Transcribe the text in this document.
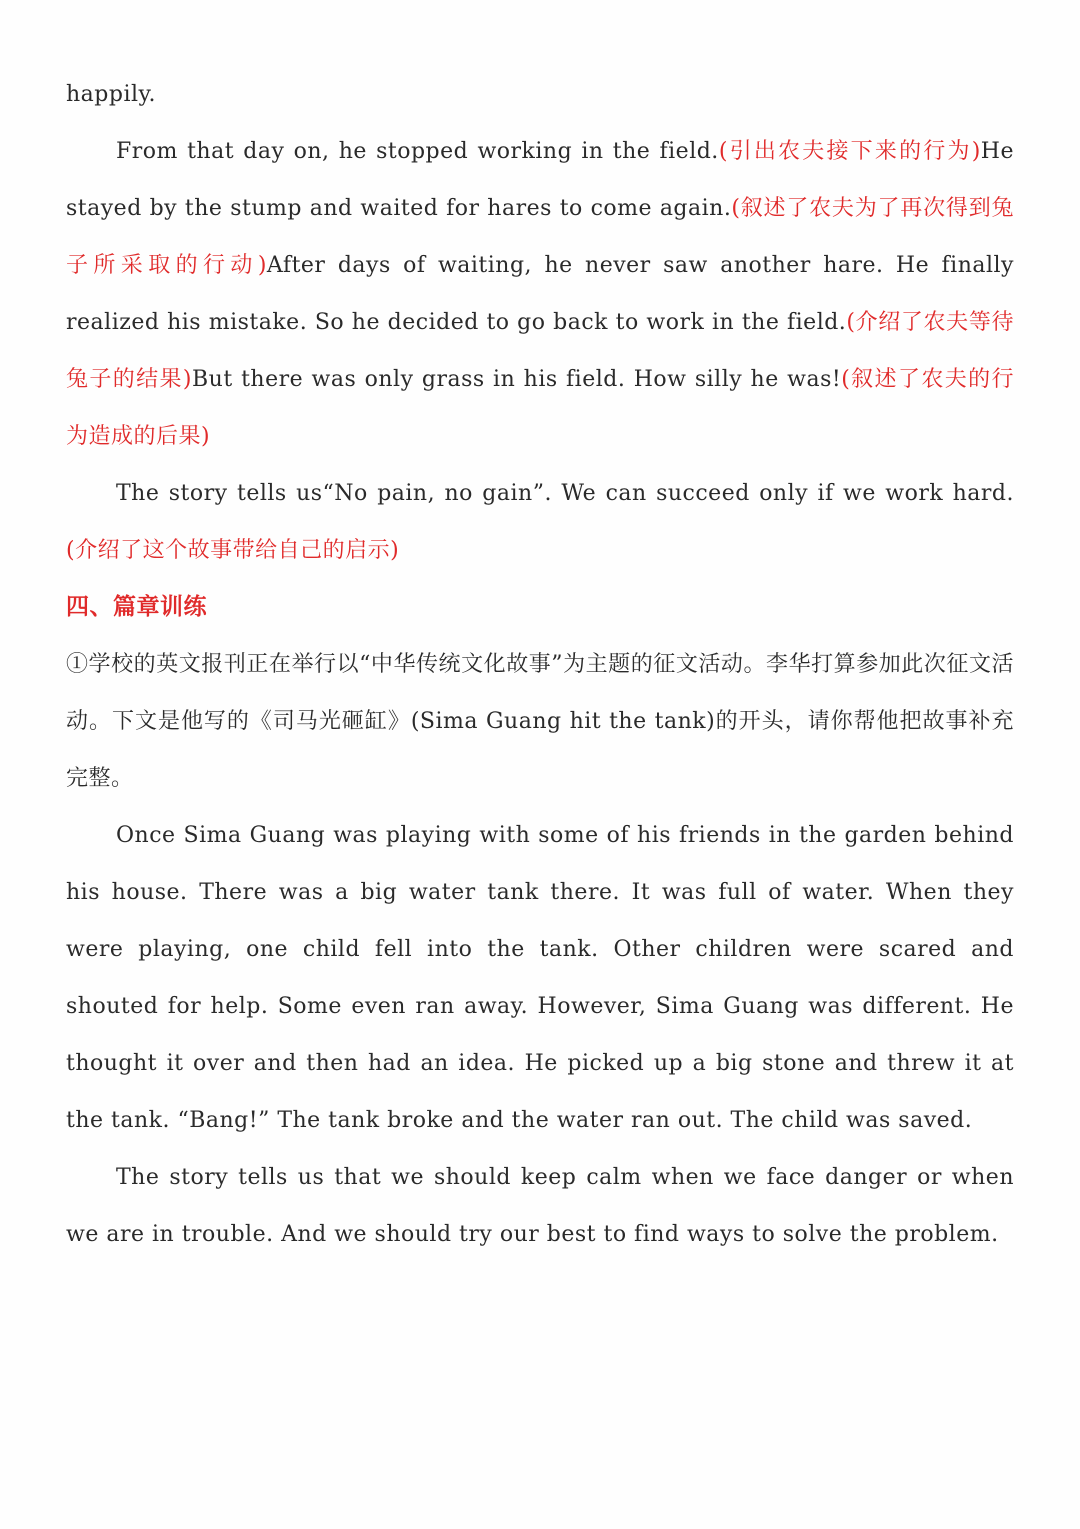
happily.

From that day on, he stopped working in the field.(引出农夫接下来的行为)He stayed by the stump and waited for hares to come again.(叙述了农夫为了再次得到兔子所采取的行动)After days of waiting, he never saw another hare. He finally realized his mistake. So he decided to go back to work in the field.(介绍了农夫等待兔子的结果)But there was only grass in his field. How silly he was!(叙述了农夫的行为造成的后果)

The story tells us“No pain, no gain”. We can succeed only if we work hard.(介绍了这个故事带给自己的启示)

四、篇章训练

①学校的英文报刊正在举行以“中华传统文化故事”为主题的征文活动。李华打算参加此次征文活动。下文是他写的《司马光砸缸》(Sima Guang hit the tank)的开头，请你帮他把故事补充完整。

Once Sima Guang was playing with some of his friends in the garden behind his house. There was a big water tank there. It was full of water. When they were playing, one child fell into the tank. Other children were scared and shouted for help. Some even ran away. However, Sima Guang was different. He thought it over and then had an idea. He picked up a big stone and threw it at the tank. “Bang!” The tank broke and the water ran out. The child was saved.

The story tells us that we should keep calm when we face danger or when we are in trouble. And we should try our best to find ways to solve the problem.
